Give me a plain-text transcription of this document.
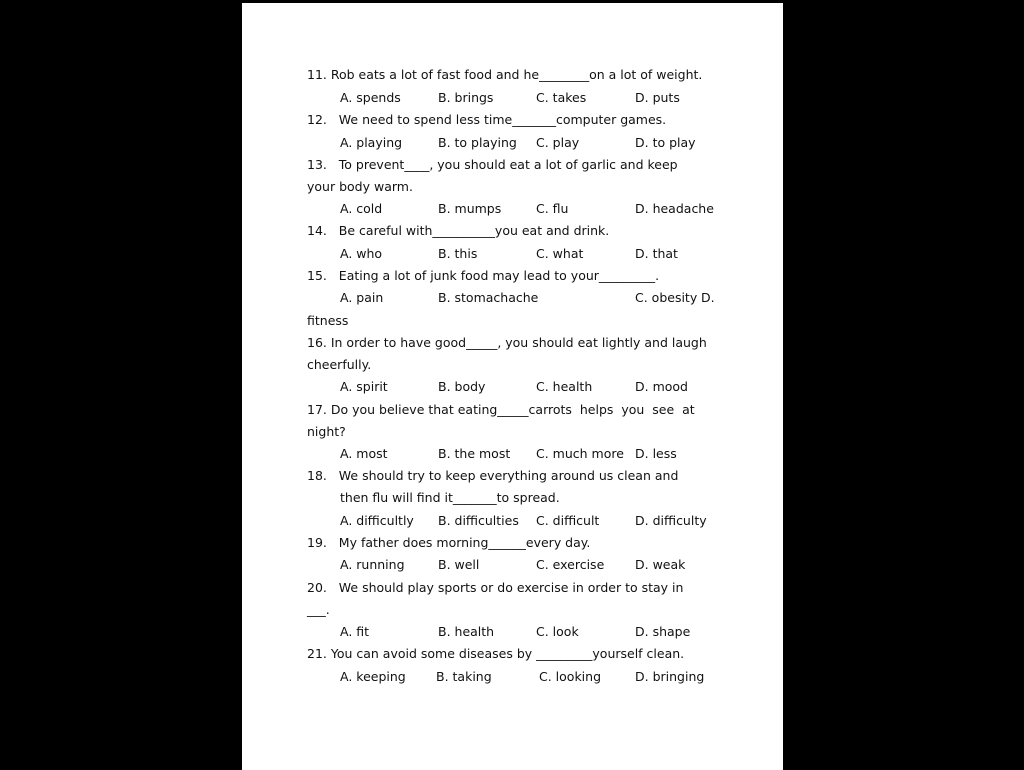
11. Rob eats a lot of fast food and he________on a lot of weight.
A. spends	B. brings	C. takes	D. puts
12.   We need to spend less time_______computer games.
A. playing	B. to playing C. play	D. to play
13.   To prevent____, you should eat a lot of garlic and keep
your body warm.
A. cold	B. mumps	C. flu	D. headache
14.   Be careful with__________you eat and drink.
A. who	B. this	C. what	D. that
15.   Eating a lot of junk food may lead to your_________.
A. pain	B. stomachache	C. obesity D.
fitness
16. In order to have good_____, you should eat lightly and laugh
cheerfully.
A. spirit	B. body	C. health	D. mood
17. Do you believe that eating_____carrots  helps  you  see  at
night?
A. most	B. the most C. much more D. less
18.   We should try to keep everything around us clean and
then flu will find it_______to spread.
A. difficultly B. difficulties C. difficult	D. difficulty
19.   My father does morning______every day.
A. running	B. well	C. exercise D. weak
20.   We should play sports or do exercise in order to stay in
___.
A. fit	B. health	C. look	D. shape
21. You can avoid some diseases by _________yourself clean.
A. keeping B. taking	C. looking	D. bringing
